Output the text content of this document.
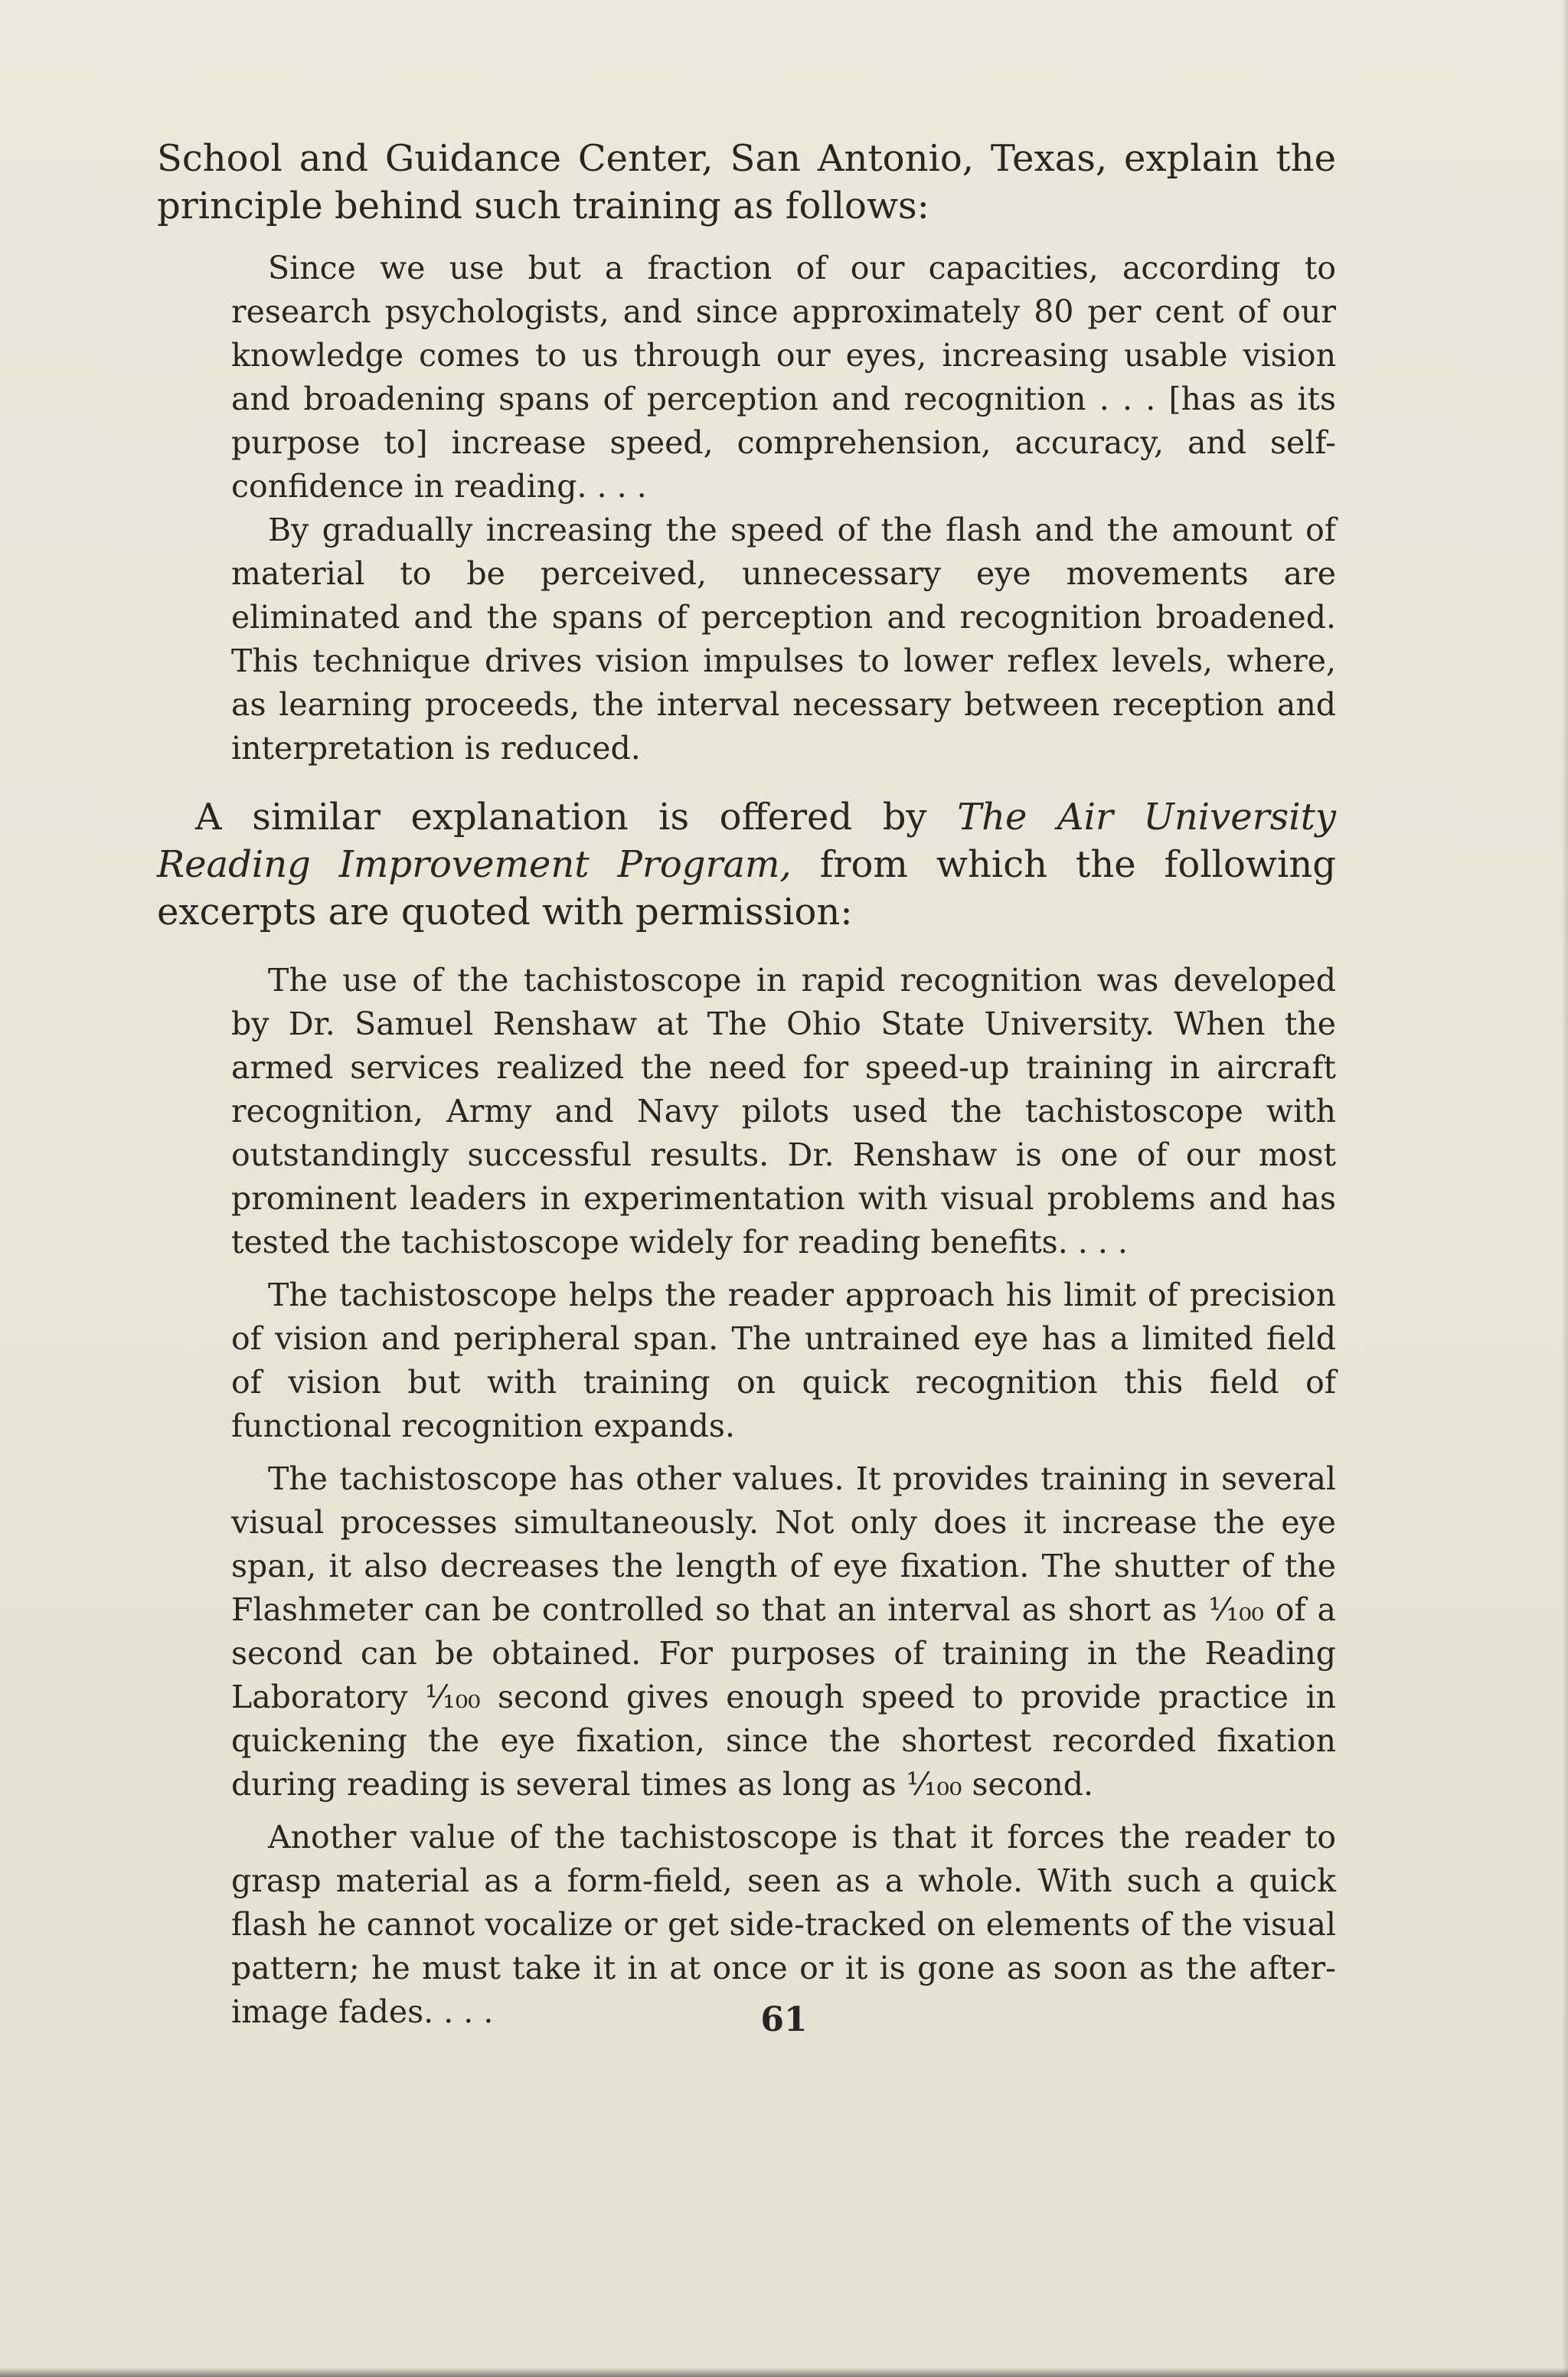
School and Guidance Center, San Antonio, Texas, explain the principle behind such training as follows:

Since we use but a fraction of our capacities, according to research psychologists, and since approximately 80 per cent of our knowledge comes to us through our eyes, increasing usable vision and broadening spans of perception and recognition . . . [has as its purpose to] increase speed, comprehension, accuracy, and self-confidence in reading. . . .

By gradually increasing the speed of the flash and the amount of material to be perceived, unnecessary eye movements are eliminated and the spans of perception and recognition broadened. This technique drives vision impulses to lower reflex levels, where, as learning proceeds, the interval necessary between reception and interpretation is reduced.

A similar explanation is offered by The Air University Reading Improvement Program, from which the following excerpts are quoted with permission:

The use of the tachistoscope in rapid recognition was developed by Dr. Samuel Renshaw at The Ohio State University. When the armed services realized the need for speed-up training in aircraft recognition, Army and Navy pilots used the tachistoscope with outstandingly successful results. Dr. Renshaw is one of our most prominent leaders in experimentation with visual problems and has tested the tachistoscope widely for reading benefits. . . .

The tachistoscope helps the reader approach his limit of precision of vision and peripheral span. The untrained eye has a limited field of vision but with training on quick recognition this field of functional recognition expands.

The tachistoscope has other values. It provides training in several visual processes simultaneously. Not only does it increase the eye span, it also decreases the length of eye fixation. The shutter of the Flashmeter can be controlled so that an interval as short as ⅟₁₀₀ of a second can be obtained. For purposes of training in the Reading Laboratory ⅟₁₀₀ second gives enough speed to provide practice in quickening the eye fixation, since the shortest recorded fixation during reading is several times as long as ⅟₁₀₀ second.

Another value of the tachistoscope is that it forces the reader to grasp material as a form-field, seen as a whole. With such a quick flash he cannot vocalize or get side-tracked on elements of the visual pattern; he must take it in at once or it is gone as soon as the after-image fades. . . .	61
